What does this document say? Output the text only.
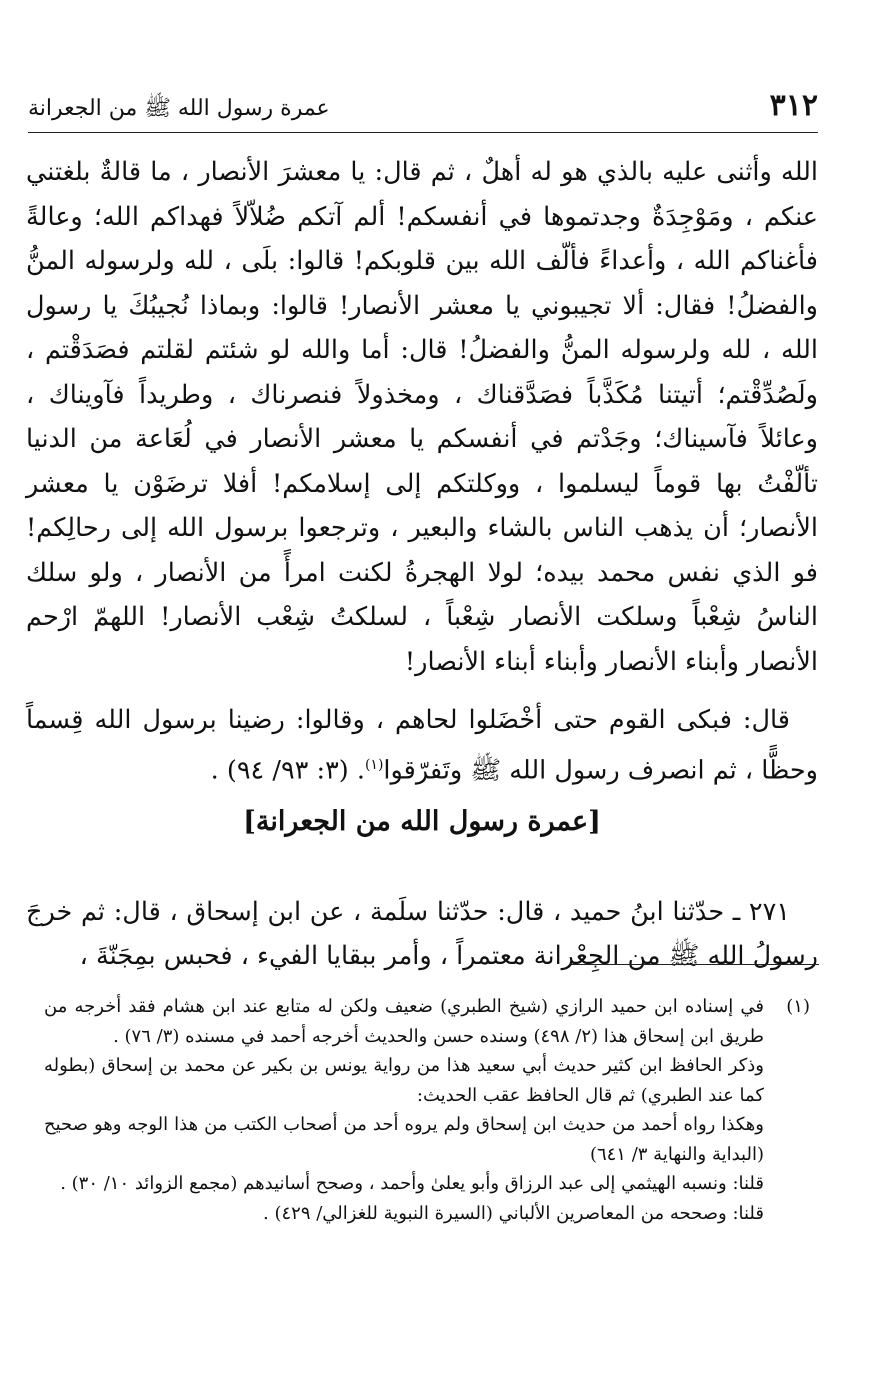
٣١٢
عمرة رسول الله ﷺ من الجعرانة

الله وأثنى عليه بالذي هو له أهلٌ ، ثم قال: يا معشرَ الأنصار ، ما قالةٌ بلغتني عنكم ، ومَوْجِدَةٌ وجدتموها في أنفسكم! ألم آتكم ضُلاّلاً فهداكم الله؛ وعالةً فأغناكم الله ، وأعداءً فألّف الله بين قلوبكم! قالوا: بلَى ، لله ولرسوله المنُّ والفضلُ! فقال: ألا تجيبوني يا معشر الأنصار! قالوا: وبماذا نُجيبُكَ يا رسول الله ، لله ولرسوله المنُّ والفضلُ! قال: أما والله لو شئتم لقلتم فصَدَقْتم ، ولَصُدِّقْتم؛ أتيتنا مُكَذَّباً فصَدَّقناك ، ومخذولاً فنصرناك ، وطريداً فآويناك ، وعائلاً فآسيناك؛ وجَدْتم في أنفسكم يا معشر الأنصار في لُعَاعة من الدنيا تألّفْتُ بها قوماً ليسلموا ، ووكلتكم إلى إسلامكم! أفلا ترضَوْن يا معشر الأنصار؛ أن يذهب الناس بالشاء والبعير ، وترجعوا برسول الله إلى رحالِكم! فو الذي نفس محمد بيده؛ لولا الهجرةُ لكنت امرأً من الأنصار ، ولو سلك الناسُ شِعْباً وسلكت الأنصار شِعْباً ، لسلكتُ شِعْب الأنصار! اللهمّ ارْحم الأنصار وأبناء الأنصار وأبناء أبناء الأنصار!

قال: فبكى القوم حتى أخْضَلوا لحاهم ، وقالوا: رضينا برسول الله قِسماً وحظًّا ، ثم انصرف رسول الله ﷺ وتَفرّقوا$^{(١)}$. (٣: ٩٣/ ٩٤) .

[عمرة رسول الله من الجعرانة]

٢٧١ ـ حدّثنا ابنُ حميد ، قال: حدّثنا سلَمة ، عن ابن إسحاق ، قال: ثم خرجَ رسولُ الله ﷺ من الجِعْرانة معتمراً ، وأمر ببقايا الفيء ، فحبس بمِجَنّةَ ،

(١)

في إسناده ابن حميد الرازي (شيخ الطبري) ضعيف ولكن له متابع عند ابن هشام فقد أخرجه من طريق ابن إسحاق هذا (٢/ ٤٩٨) وسنده حسن والحديث أخرجه أحمد في مسنده (٣/ ٧٦) .

وذكر الحافظ ابن كثير حديث أبي سعيد هذا من رواية يونس بن بكير عن محمد بن إسحاق (بطوله كما عند الطبري) ثم قال الحافظ عقب الحديث:

وهكذا رواه أحمد من حديث ابن إسحاق ولم يروه أحد من أصحاب الكتب من هذا الوجه وهو صحيح (البداية والنهاية ٣/ ٦٤١)

قلنا: ونسبه الهيثمي إلى عبد الرزاق وأبو يعلىٰ وأحمد ، وصحح أسانيدهم (مجمع الزوائد ١٠/ ٣٠) .

قلنا: وصححه من المعاصرين الألباني (السيرة النبوية للغزالي/ ٤٢٩) .
